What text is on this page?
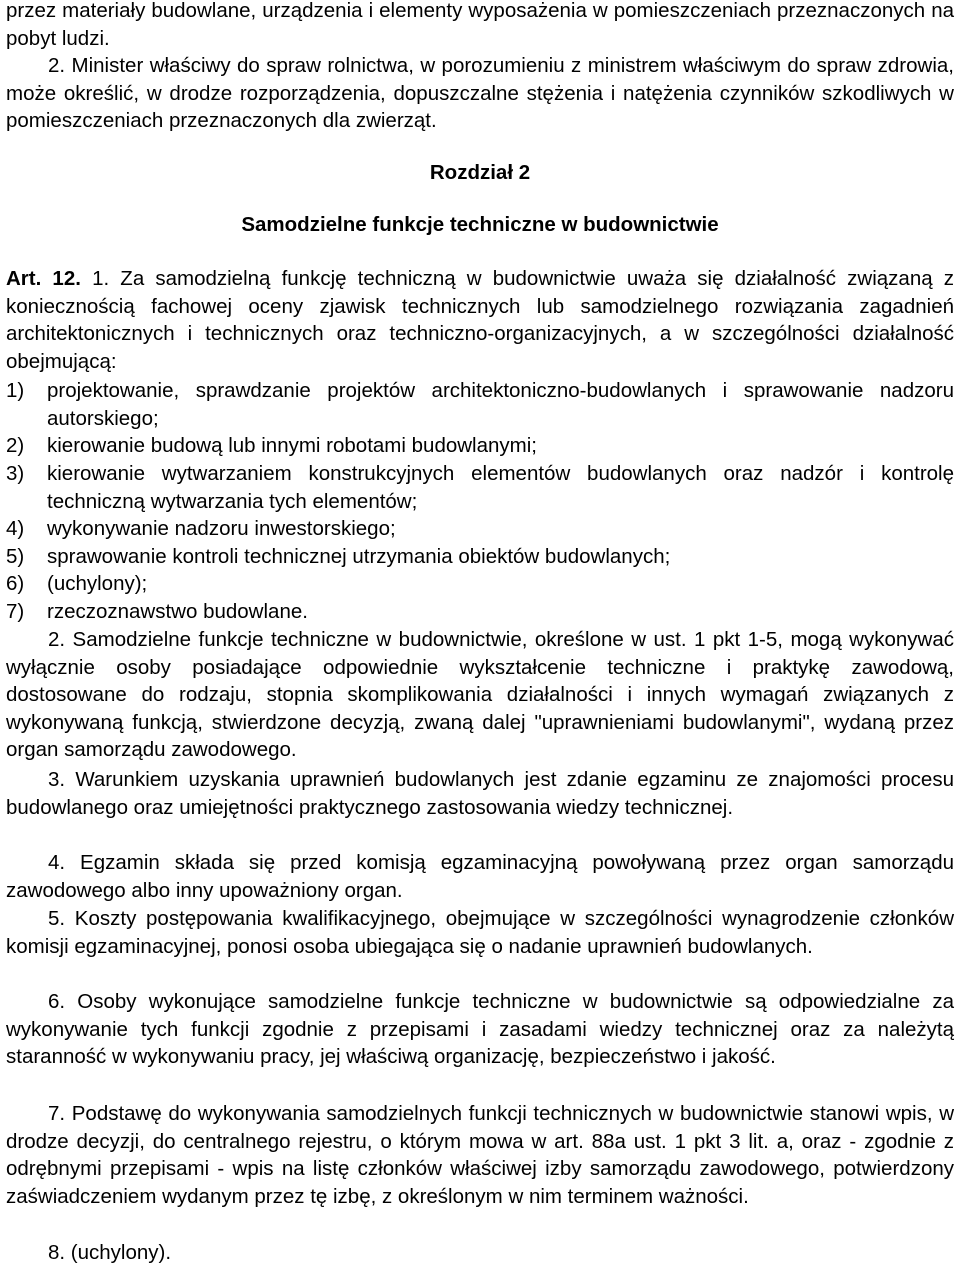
przez materiały budowlane, urządzenia i elementy wyposażenia w pomieszczeniach przeznaczonych na pobyt ludzi.

2. Minister właściwy do spraw rolnictwa, w porozumieniu z ministrem właściwym do spraw zdrowia, może określić, w drodze rozporządzenia, dopuszczalne stężenia i natężenia czynników szkodliwych w pomieszczeniach przeznaczonych dla zwierząt.

Rozdział 2

Samodzielne funkcje techniczne w budownictwie

Art. 12. 1. Za samodzielną funkcję techniczną w budownictwie uważa się działalność związaną z koniecznością fachowej oceny zjawisk technicznych lub samodzielnego rozwiązania zagadnień architektonicznych i technicznych oraz techniczno-organizacyjnych, a w szczególności działalność obejmującą:

1) projektowanie, sprawdzanie projektów architektoniczno-budowlanych i sprawowanie nadzoru autorskiego;
2) kierowanie budową lub innymi robotami budowlanymi;
3) kierowanie wytwarzaniem konstrukcyjnych elementów budowlanych oraz nadzór i kontrolę techniczną wytwarzania tych elementów;
4) wykonywanie nadzoru inwestorskiego;
5) sprawowanie kontroli technicznej utrzymania obiektów budowlanych;
6) (uchylony);
7) rzeczoznawstwo budowlane.

2. Samodzielne funkcje techniczne w budownictwie, określone w ust. 1 pkt 1-5, mogą wykonywać wyłącznie osoby posiadające odpowiednie wykształcenie techniczne i praktykę zawodową, dostosowane do rodzaju, stopnia skomplikowania działalności i innych wymagań związanych z wykonywaną funkcją, stwierdzone decyzją, zwaną dalej "uprawnieniami budowlanymi", wydaną przez organ samorządu zawodowego.

3. Warunkiem uzyskania uprawnień budowlanych jest zdanie egzaminu ze znajomości procesu budowlanego oraz umiejętności praktycznego zastosowania wiedzy technicznej.

4. Egzamin składa się przed komisją egzaminacyjną powoływaną przez organ samorządu zawodowego albo inny upoważniony organ.

5. Koszty postępowania kwalifikacyjnego, obejmujące w szczególności wynagrodzenie członków komisji egzaminacyjnej, ponosi osoba ubiegająca się o nadanie uprawnień budowlanych.

6. Osoby wykonujące samodzielne funkcje techniczne w budownictwie są odpowiedzialne za wykonywanie tych funkcji zgodnie z przepisami i zasadami wiedzy technicznej oraz za należytą staranność w wykonywaniu pracy, jej właściwą organizację, bezpieczeństwo i jakość.

7. Podstawę do wykonywania samodzielnych funkcji technicznych w budownictwie stanowi wpis, w drodze decyzji, do centralnego rejestru, o którym mowa w art. 88a ust. 1 pkt 3 lit. a, oraz - zgodnie z odrębnymi przepisami - wpis na listę członków właściwej izby samorządu zawodowego, potwierdzony zaświadczeniem wydanym przez tę izbę, z określonym w nim terminem ważności.

8. (uchylony).
